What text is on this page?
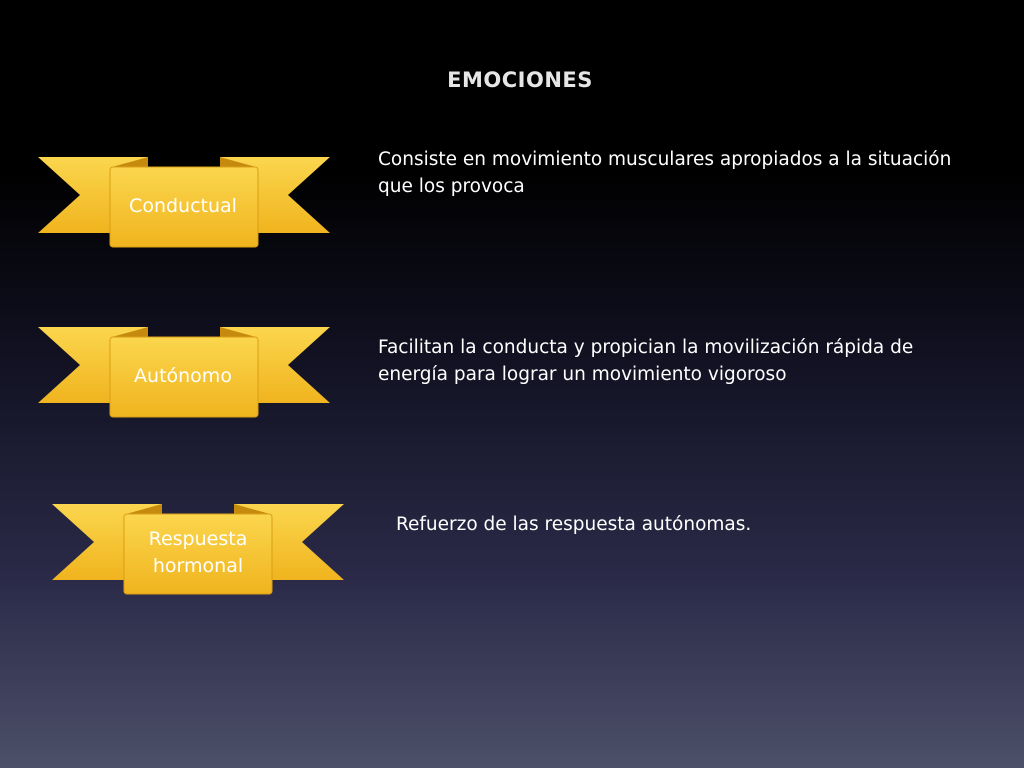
EMOCIONES
Conductual
Consiste en movimiento musculares apropiados a la situación que los provoca
Autónomo
Facilitan la conducta y propician la movilización rápida de energía para lograr un movimiento vigoroso
Respuesta hormonal
Refuerzo de las respuesta autónomas.
